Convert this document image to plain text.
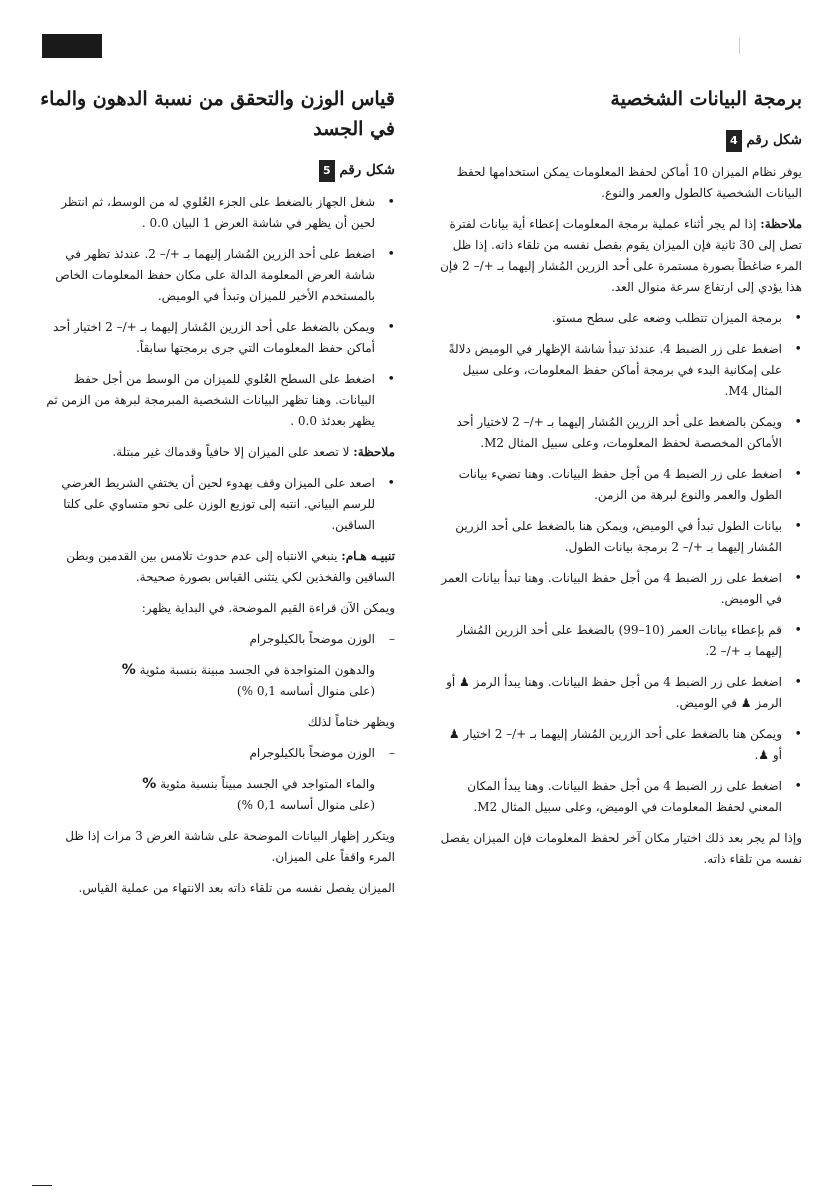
برمجة البيانات الشخصية
شكل رقم 4

يوفر نظام الميزان 10 أماكن لحفظ المعلومات يمكن استخدامها لحفظ البيانات الشخصية كالطول والعمر والنوع.

ملاحظة: إذا لم يجر أثناء عملية برمجة المعلومات إعطاء أية بيانات لفترة تصل إلى 30 ثانية فإن الميزان يقوم بفصل نفسه من تلقاء ذاته. إذا ظل المرء ضاغطاً بصورة مستمرة على أحد الزرين المُشار إليهما بـ +/– 2 فإن هذا يؤدي إلى ارتفاع سرعة منوال العد.

• برمجة الميزان تتطلب وضعه على سطح مستو.
• اضغط على زر الضبط 4. عندئذ تبدأ شاشة الإظهار في الوميض دلالةً على إمكانية البدء في برمجة أماكن حفظ المعلومات، وعلى سبيل المثال M4.
• ويمكن بالضغط على أحد الزرين المُشار إليهما بـ +/– 2 لاختيار أحد الأماكن المخصصة لحفظ المعلومات، وعلى سبيل المثال M2.
• اضغط على زر الضبط 4 من أجل حفظ البيانات. وهنا تضيء بيانات الطول والعمر والنوع لبرهة من الزمن.
• بيانات الطول تبدأ في الوميض، ويمكن هنا بالضغط على أحد الزرين المُشار إليهما بـ +/– 2 برمجة بيانات الطول.
• اضغط على زر الضبط 4 من أجل حفظ البيانات. وهنا تبدأ بيانات العمر في الوميض.
• قم بإعطاء بيانات العمر (10–99) بالضغط على أحد الزرين المُشار إليهما بـ +/– 2.
• اضغط على زر الضبط 4 من أجل حفظ البيانات. وهنا يبدأ الرمز ♟ أو الرمز ♟ في الوميض.
• ويمكن هنا بالضغط على أحد الزرين المُشار إليهما بـ +/– 2 اختيار ♟ أو ♟.
• اضغط على زر الضبط 4 من أجل حفظ البيانات. وهنا يبدأ المكان المعني لحفظ المعلومات في الوميض، وعلى سبيل المثال M2.

وإذا لم يجر بعد ذلك اختيار مكان آخر لحفظ المعلومات فإن الميزان يفصل نفسه من تلقاء ذاته.

قياس الوزن والتحقق من نسبة الدهون والماء في الجسد
شكل رقم 5
• شغل الجهاز بالضغط على الجزء العُلوي له من الوسط، ثم انتظر لحين أن يظهر في شاشة العرض 1 البيان 0.0 .
• اضغط على أحد الزرين المُشار إليهما بـ +/– 2. عندئذ تظهر في شاشة العرض المعلومة الدالة على مكان حفظ المعلومات الخاص بالمستخدم الأخير للميزان وتبدأ في الوميض.
• ويمكن بالضغط على أحد الزرين المُشار إليهما بـ +/– 2 اختيار أحد أماكن حفظ المعلومات التي جرى برمجتها سابقاً.
• اضغط على السطح العُلوي للميزان من الوسط من أجل حفظ البيانات. وهنا تظهر البيانات الشخصية المبرمجة لبرهة من الزمن ثم يظهر بعدئذ 0.0 .

ملاحظة: لا تصعد على الميزان إلا حافياً وقدماك غير مبتلة.

• اصعد على الميزان وقف بهدوء لحين أن يختفي الشريط العرضي للرسم البياني. انتبه إلى توزيع الوزن على نحو متساوي على كلتا الساقين.

تنبيـه هـام: ينبغي الانتباه إلى عدم حدوث تلامس بين القدمين وبطن الساقين والفخذين لكي يتثنى القياس بصورة صحيحة.

ويمكن الآن قراءة القيم الموضحة. في البداية يظهر:

– الوزن موضحاً بالكيلوجرام
والدهون المتواجدة في الجسد مبينة بنسبة مئوية %
(على منوال أساسه 0,1 %)

ويظهر ختاماً لذلك

– الوزن موضحاً بالكيلوجرام
والماء المتواجد في الجسد مبيناً بنسبة مئوية %
(على منوال أساسه 0,1 %)

ويتكرر إظهار البيانات الموضحة على شاشة العرض 3 مرات إذا ظل المرء واقفاً على الميزان.

الميزان يفصل نفسه من تلقاء ذاته بعد الانتهاء من عملية القياس.
